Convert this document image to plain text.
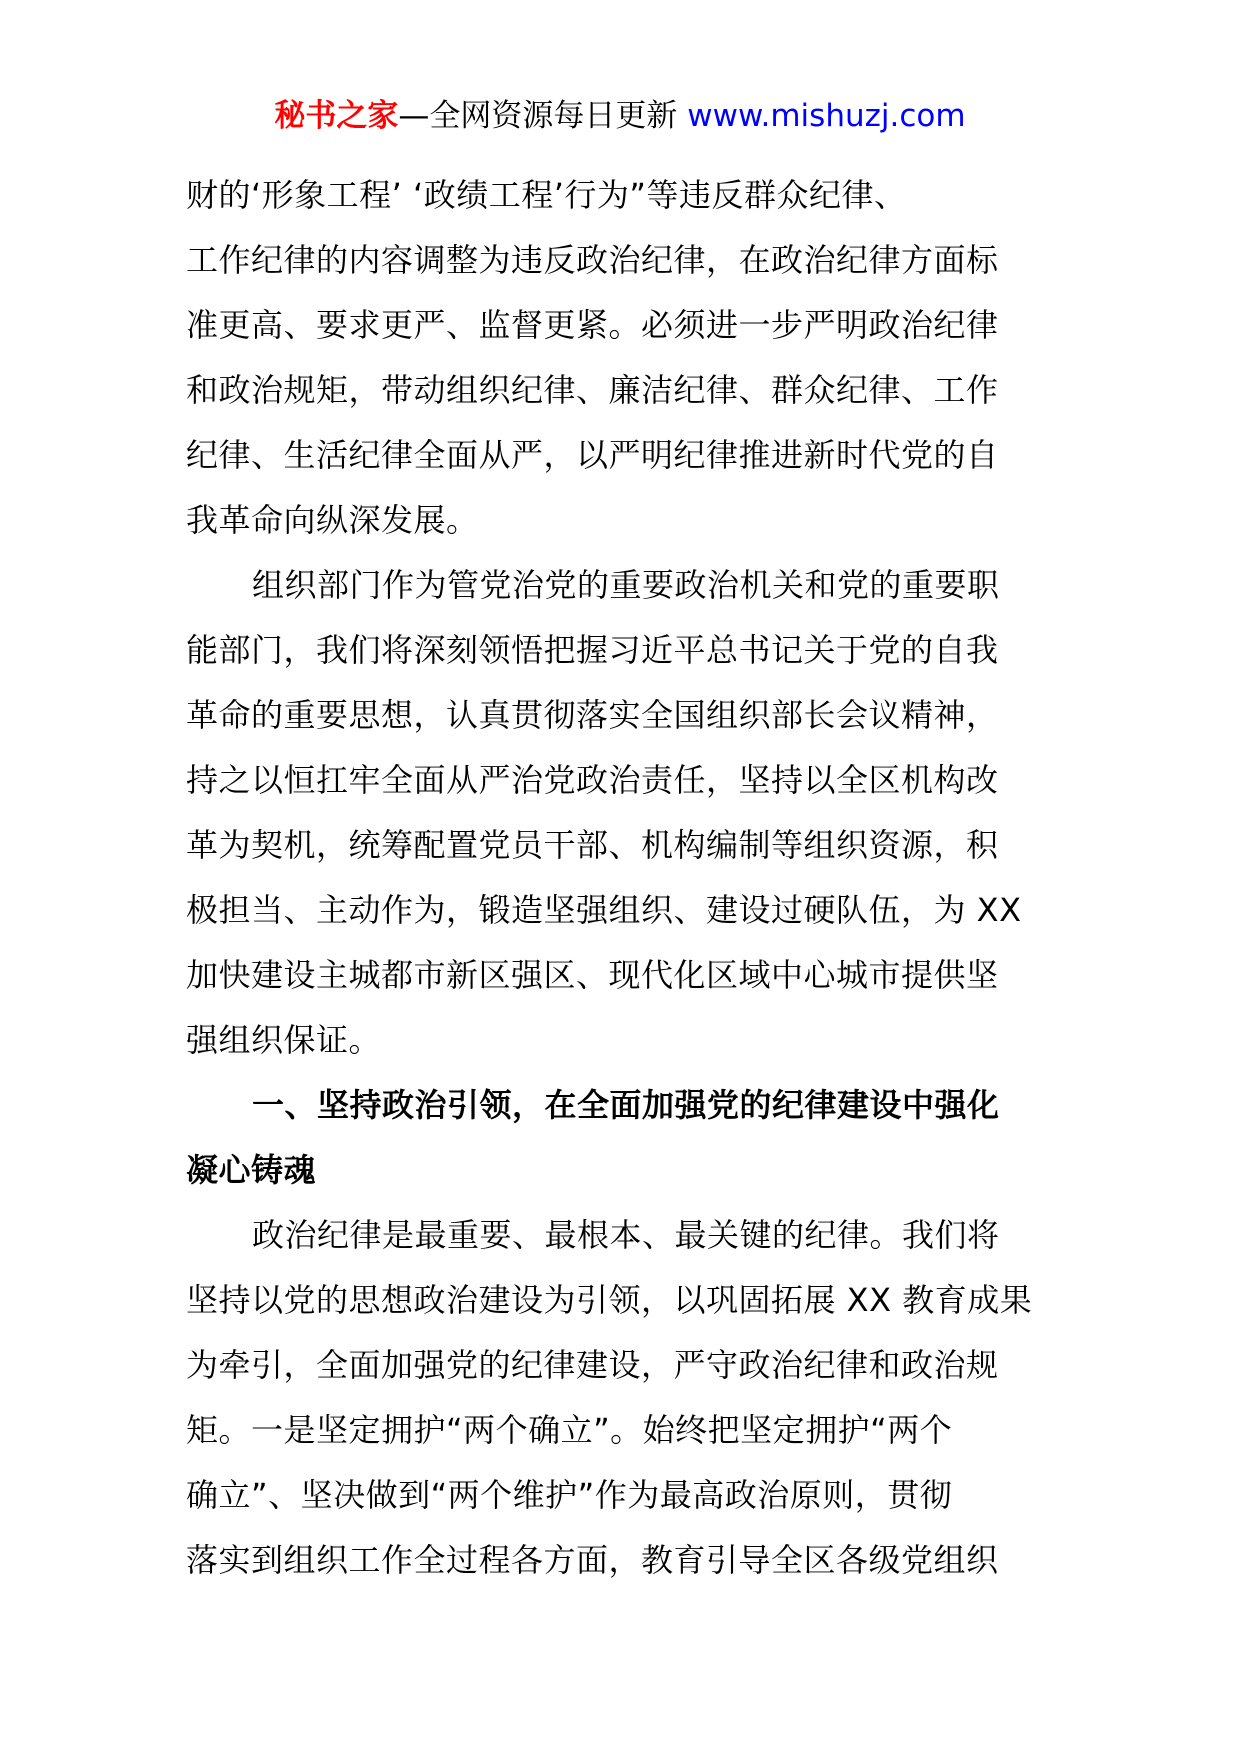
秘书之家—全网资源每日更新 www.mishuzj.com
财的‘形象工程’ ‘政绩工程’行为”等违反群众纪律、
工作纪律的内容调整为违反政治纪律，在政治纪律方面标
准更高、要求更严、监督更紧。必须进一步严明政治纪律
和政治规矩，带动组织纪律、廉洁纪律、群众纪律、工作
纪律、生活纪律全面从严，以严明纪律推进新时代党的自
我革命向纵深发展。
组织部门作为管党治党的重要政治机关和党的重要职
能部门，我们将深刻领悟把握习近平总书记关于党的自我
革命的重要思想，认真贯彻落实全国组织部长会议精神，
持之以恒扛牢全面从严治党政治责任，坚持以全区机构改
革为契机，统筹配置党员干部、机构编制等组织资源，积
极担当、主动作为，锻造坚强组织、建设过硬队伍，为 XX
加快建设主城都市新区强区、现代化区域中心城市提供坚
强组织保证。
一、坚持政治引领，在全面加强党的纪律建设中强化
凝心铸魂
政治纪律是最重要、最根本、最关键的纪律。我们将
坚持以党的思想政治建设为引领，以巩固拓展 XX 教育成果
为牵引，全面加强党的纪律建设，严守政治纪律和政治规
矩。一是坚定拥护“两个确立”。始终把坚定拥护“两个
确立”、坚决做到“两个维护”作为最高政治原则，贯彻
落实到组织工作全过程各方面，教育引导全区各级党组织
